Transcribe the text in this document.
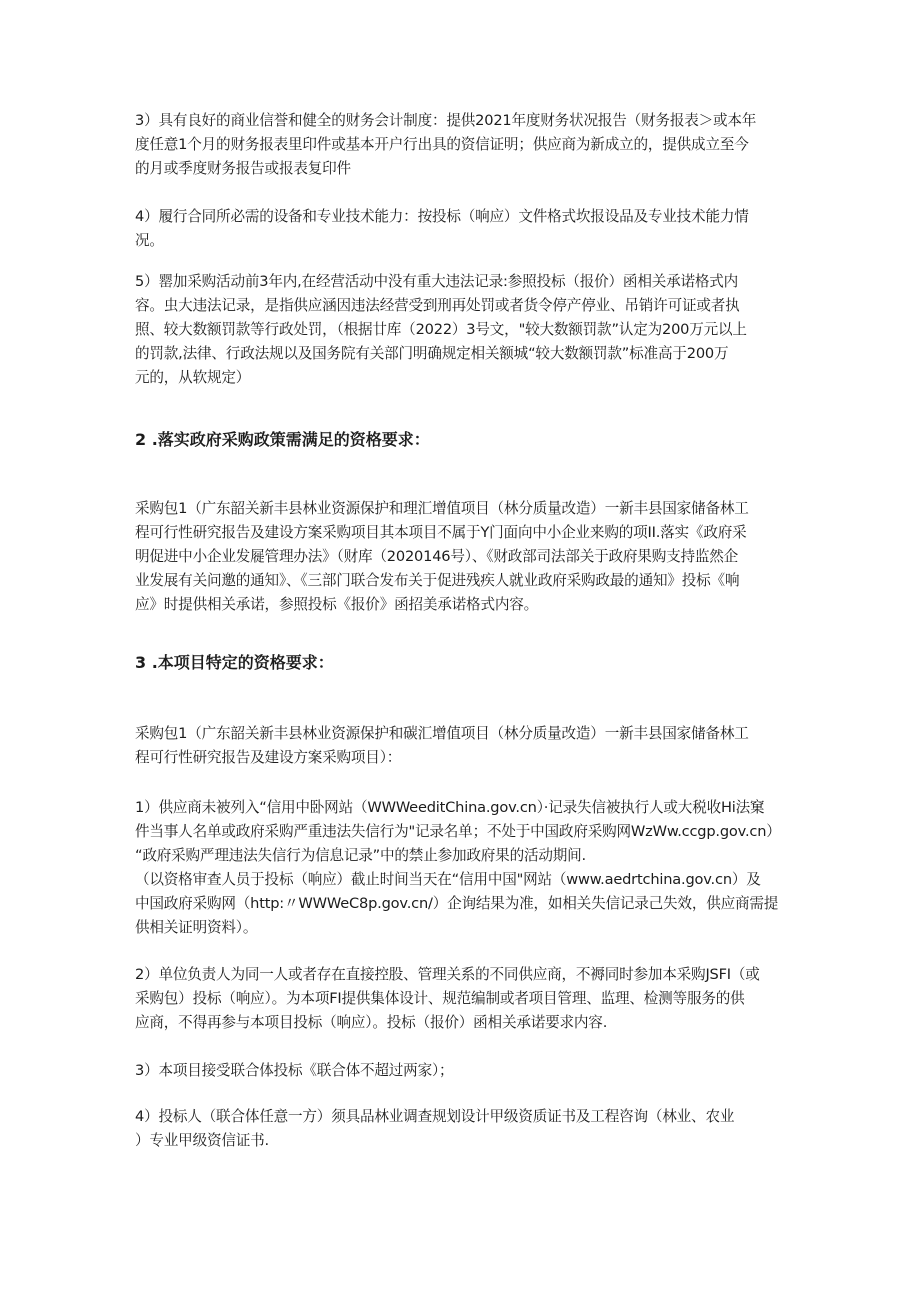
3）具有良好的商业信誉和健全的财务会计制度：提供2021年度财务状况报告（财务报表＞或本年
度任意1个月的财务报表里印件或基本开户行出具的资信证明；供应商为新成立的，提供成立至今
的月或季度财务报告或报表复印件

4）履行合同所必需的设备和专业技术能力：按投标（响应）文件格式坎报设品及专业技术能力情
况。

5）罂加采购活动前3年内,在经营活动中没有重大违法记录:参照投标（报价）函相关承诺格式内
容。虫大违法记录，是指供应涵因违法经营受到刑再处罚或者货令停产停业、吊销许可证或者执
照、较大数额罚款等行政处罚，（根据廿库（2022）3号文，"较大数额罚款”认定为200万元以上
的罚款,法律、行政法规以及国务院有关部门明确规定相关额城“较大数额罚款”标准高于200万
元的，从软规定）

2 .落实政府采购政策需满足的资格要求：

采购包1（广东韶关新丰县林业资源保护和理汇增值项目（林分质量改造）一新丰县国家储备林工
程可行性研究报告及建设方案采购项目其本项目不属于Y门面向中小企业来购的项II.落实《政府采
明促进中小企业发屣管理办法》（财库（2020146号）、《财政部司法部关于政府果购支持监然企
业发展有关问邀的通知》、《三部门联合发布关于促进残疾人就业政府采购政最的通知》投标《响
应》时提供相关承诺，参照投标《报价》函招美承诺格式内容。

3 .本项目特定的资格要求：

采购包1（广东韶关新丰县林业资源保护和碳汇增值项目（林分质量改造）一新丰县国家储备林工
程可行性研究报告及建设方案采购项目）：

1）供应商未被列入“信用中卧网站（WWWeeditChina.gov.cn）·记录失信被执行人或大税收Hi法窠
件当事人名单或政府采购严重违法失信行为"记录名单；不处于中国政府采购网WzWw.ccgp.gov.cn）
“政府采购严理违法失信行为信息记录”中的禁止参加政府果的活动期间.
（以资格审查人员于投标（响应）截止时间当天在“信用中国"网站（www.aedrtchina.gov.cn）及
中国政府采购网（http:〃WWWeC8p.gov.cn/）企询结果为准，如相关失信记录己失效，供应商需提
供相关证明资料）。

2）单位负责人为同一人或者存在直接控股、管理关系的不同供应商，不褥同时参加本采购JSFI（或
采购包）投标（响应）。为本项FI提供集体设计、规范编制或者项目管理、监理、检测等服务的供
应商，不得再参与本项目投标（响应）。投标（报价）函相关承诺要求内容.

3）本项目接受联合体投标《联合体不超过两家）；

4）投标人（联合体任意一方）须具品林业调查规划设计甲级资质证书及工程咨询（林业、农业
）专业甲级资信证书.
